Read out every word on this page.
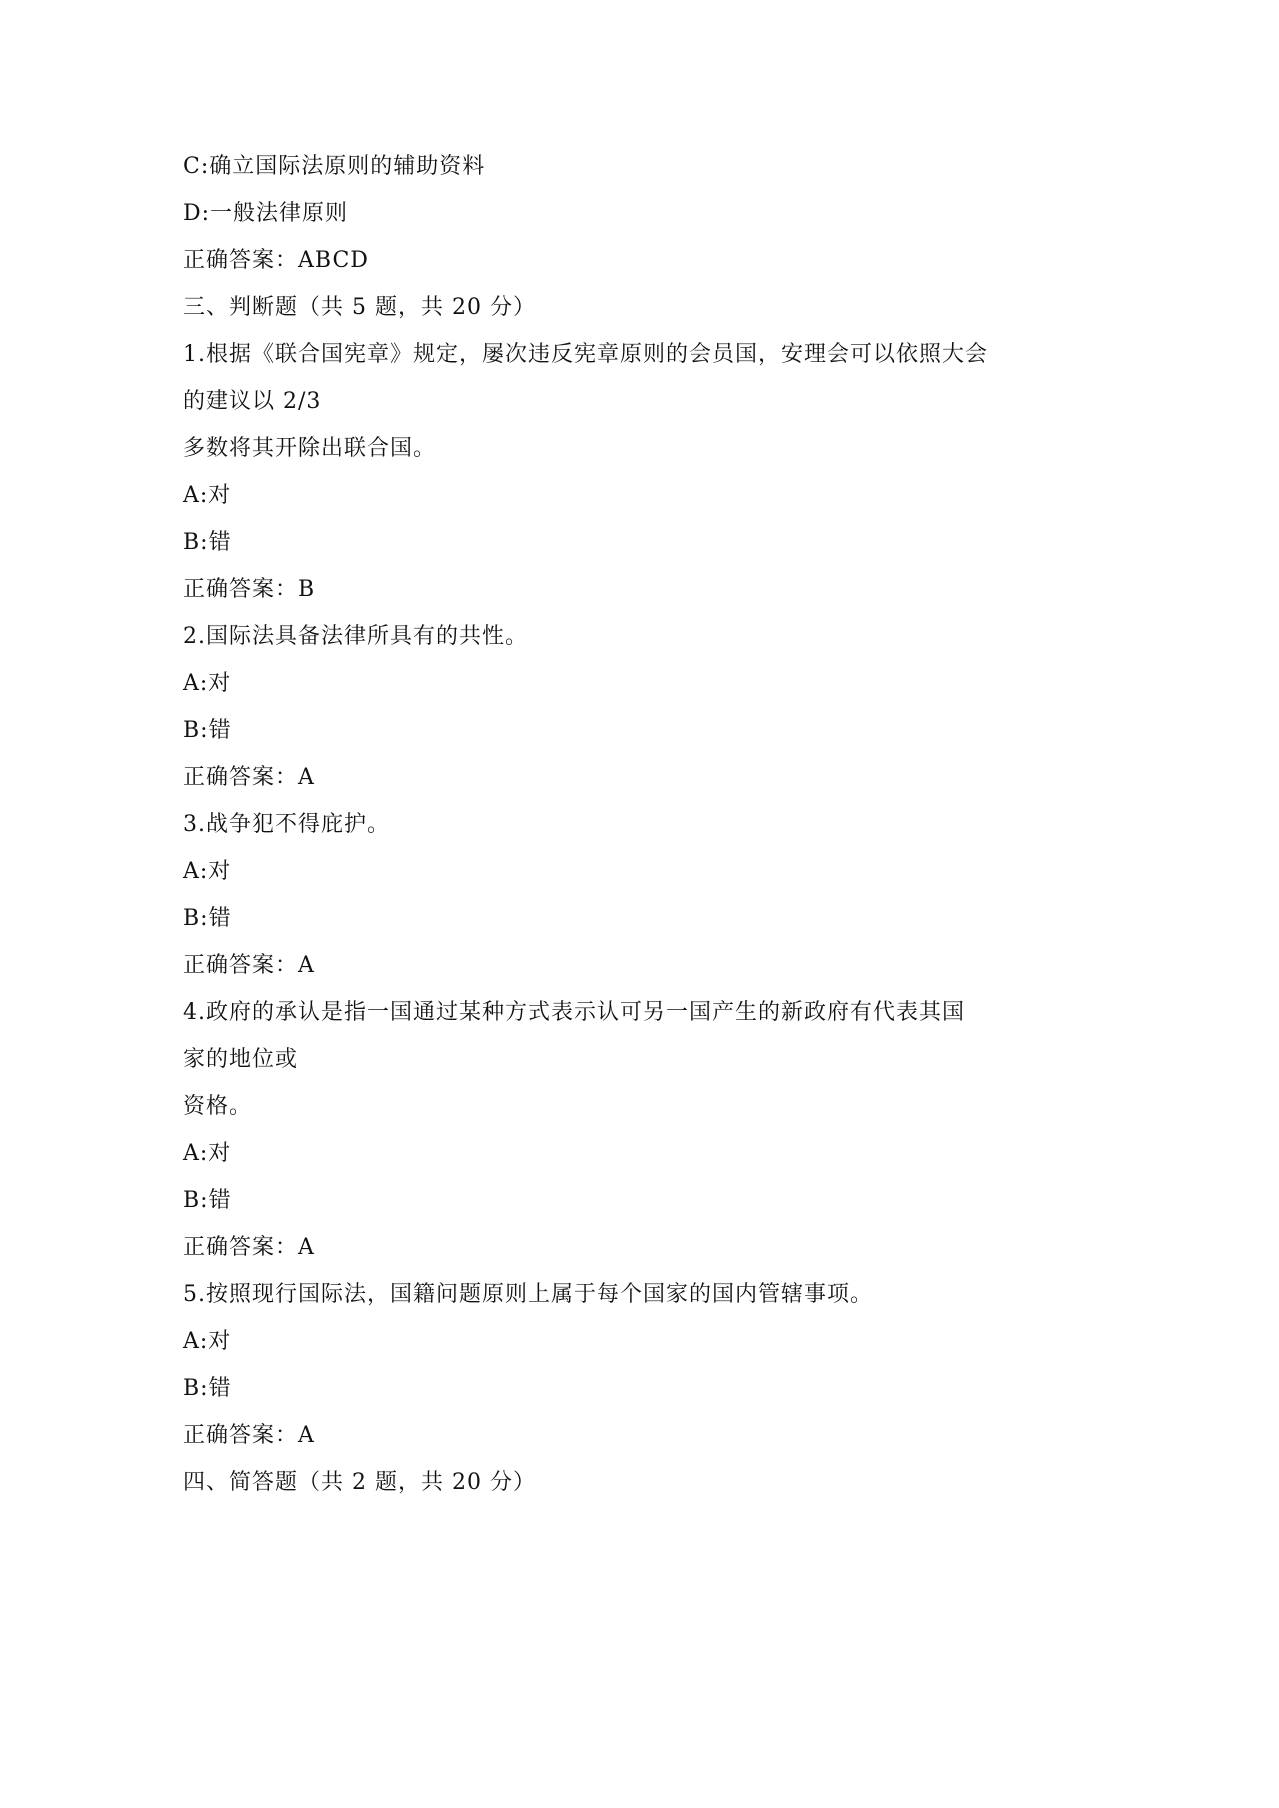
C:确立国际法原则的辅助资料
D:一般法律原则
正确答案：ABCD
三、判断题（共 5 题，共 20 分）
1.根据《联合国宪章》规定，屡次违反宪章原则的会员国，安理会可以依照大会
的建议以 2/3
多数将其开除出联合国。
A:对
B:错
正确答案：B
2.国际法具备法律所具有的共性。
A:对
B:错
正确答案：A
3.战争犯不得庇护。
A:对
B:错
正确答案：A
4.政府的承认是指一国通过某种方式表示认可另一国产生的新政府有代表其国
家的地位或
资格。
A:对
B:错
正确答案：A
5.按照现行国际法，国籍问题原则上属于每个国家的国内管辖事项。
A:对
B:错
正确答案：A
四、简答题（共 2 题，共 20 分）
